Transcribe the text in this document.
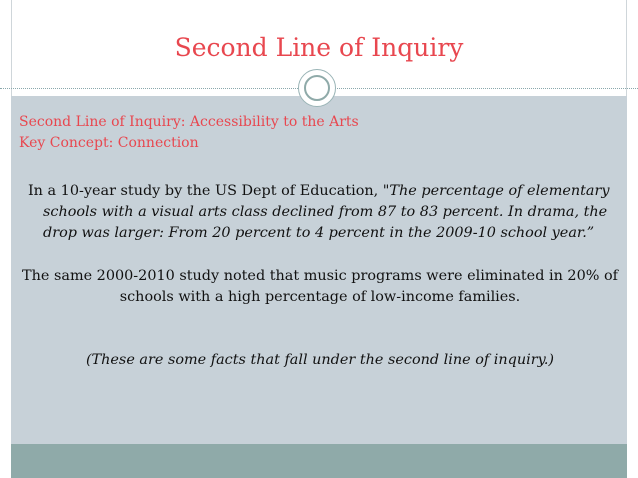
Second Line of Inquiry

Second Line of Inquiry: Accessibility to the Arts

Key Concept: Connection

In a 10-year study by the US Dept of Education, "The percentage of elementary schools with a visual arts class declined from 87 to 83 percent. In drama, the drop was larger: From 20 percent to 4 percent in the 2009-10 school year.”

The same 2000-2010 study noted that music programs were eliminated in 20% of schools with a high percentage of low-income families.

(These are some facts that fall under the second line of inquiry.)
